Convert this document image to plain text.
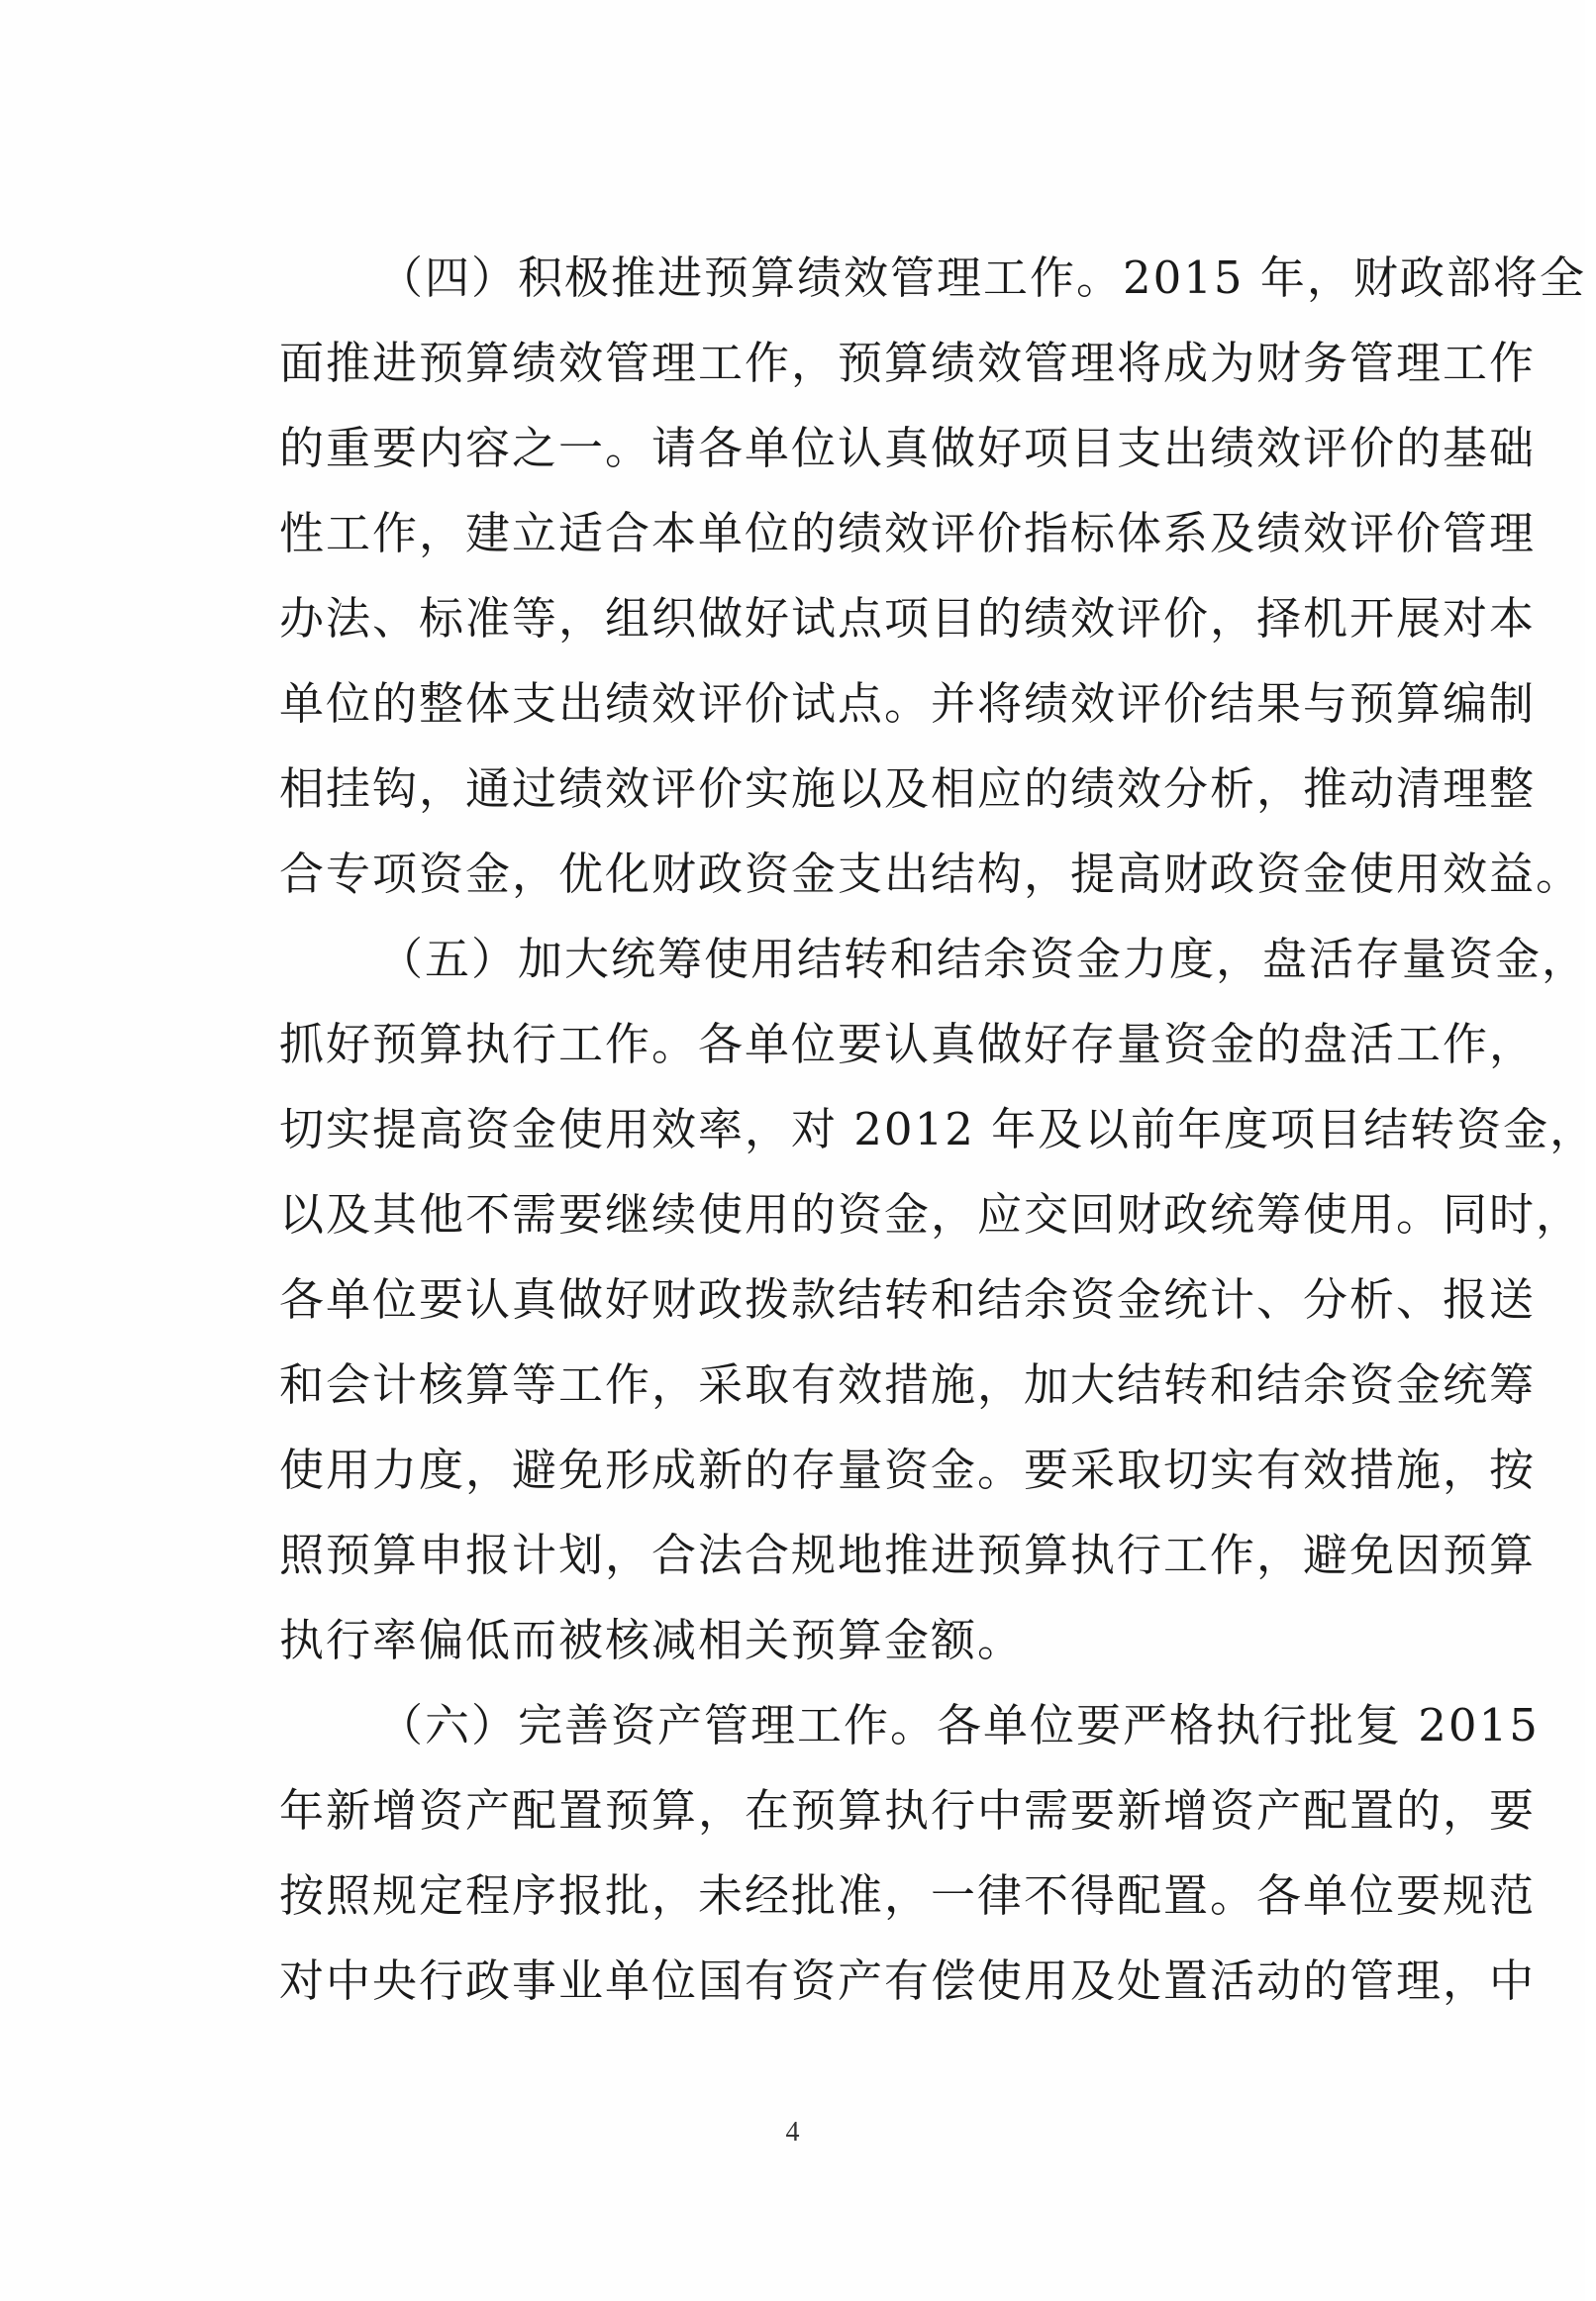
（四）积极推进预算绩效管理工作。2015 年，财政部将全
面推进预算绩效管理工作，预算绩效管理将成为财务管理工作
的重要内容之一。请各单位认真做好项目支出绩效评价的基础
性工作，建立适合本单位的绩效评价指标体系及绩效评价管理
办法、标准等，组织做好试点项目的绩效评价，择机开展对本
单位的整体支出绩效评价试点。并将绩效评价结果与预算编制
相挂钩，通过绩效评价实施以及相应的绩效分析，推动清理整
合专项资金，优化财政资金支出结构，提高财政资金使用效益。
（五）加大统筹使用结转和结余资金力度，盘活存量资金，
抓好预算执行工作。各单位要认真做好存量资金的盘活工作，
切实提高资金使用效率，对 2012 年及以前年度项目结转资金，
以及其他不需要继续使用的资金，应交回财政统筹使用。同时，
各单位要认真做好财政拨款结转和结余资金统计、分析、报送
和会计核算等工作，采取有效措施，加大结转和结余资金统筹
使用力度，避免形成新的存量资金。要采取切实有效措施，按
照预算申报计划，合法合规地推进预算执行工作，避免因预算
执行率偏低而被核减相关预算金额。
（六）完善资产管理工作。各单位要严格执行批复 2015
年新增资产配置预算，在预算执行中需要新增资产配置的，要
按照规定程序报批，未经批准，一律不得配置。各单位要规范
对中央行政事业单位国有资产有偿使用及处置活动的管理，中
4
